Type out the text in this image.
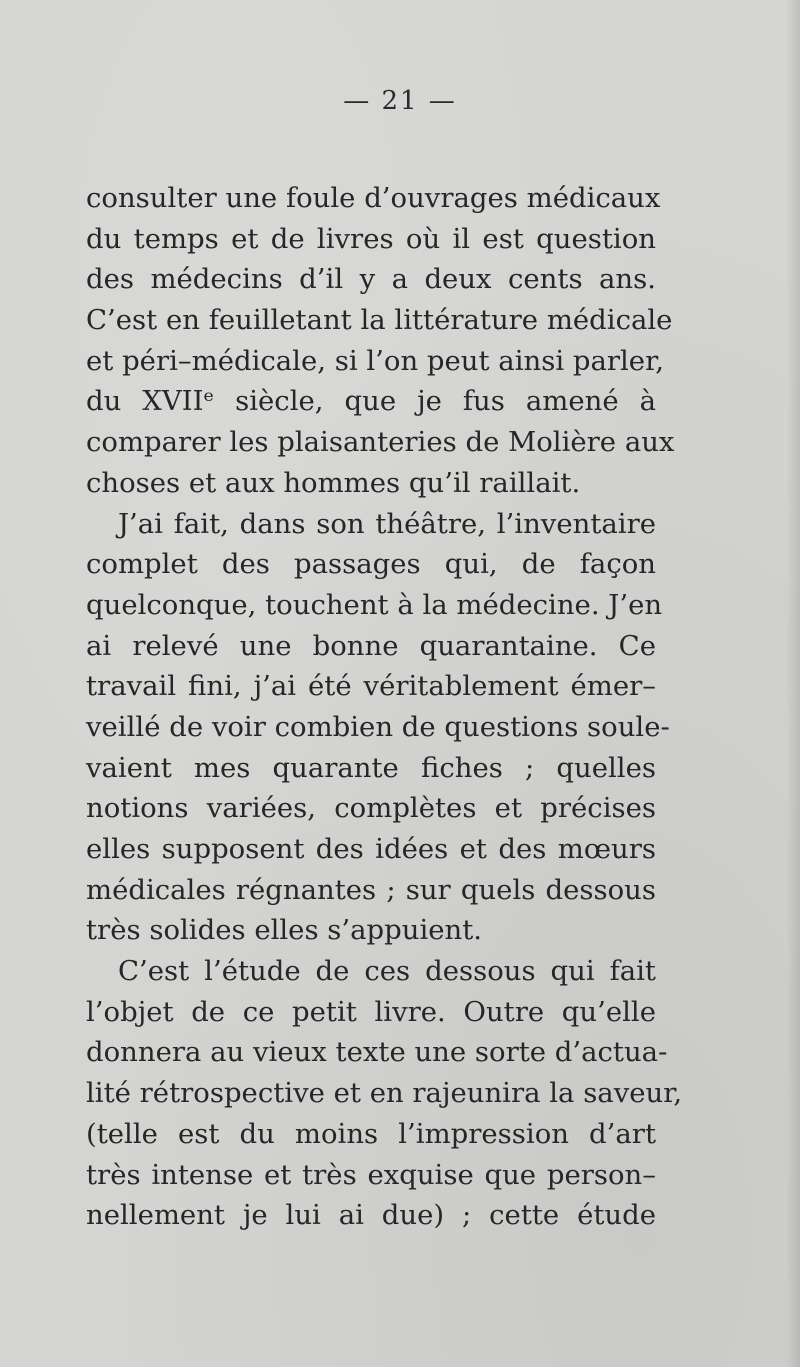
— 21 —
consulter une foule d’ouvrages médicaux
du temps et de livres où il est question
des médecins d’il y a deux cents ans.
C’est en feuilletant la littérature médicale
et péri–médicale, si l’on peut ainsi parler,
du XVIIᵉ siècle, que je fus amené à
comparer les plaisanteries de Molière aux
choses et aux hommes qu’il raillait.
J’ai fait, dans son théâtre, l’inventaire
complet des passages qui, de façon
quelconque, touchent à la médecine. J’en
ai relevé une bonne quarantaine. Ce
travail fini, j’ai été véritablement émer–
veillé de voir combien de questions soule-
vaient mes quarante fiches ; quelles
notions variées, complètes et précises
elles supposent des idées et des mœurs
médicales régnantes ; sur quels dessous
très solides elles s’appuient.
C’est l’étude de ces dessous qui fait
l’objet de ce petit livre. Outre qu’elle
donnera au vieux texte une sorte d’actua-
lité rétrospective et en rajeunira la saveur,
(telle est du moins l’impression d’art
très intense et très exquise que person–
nellement je lui ai due) ; cette étude
